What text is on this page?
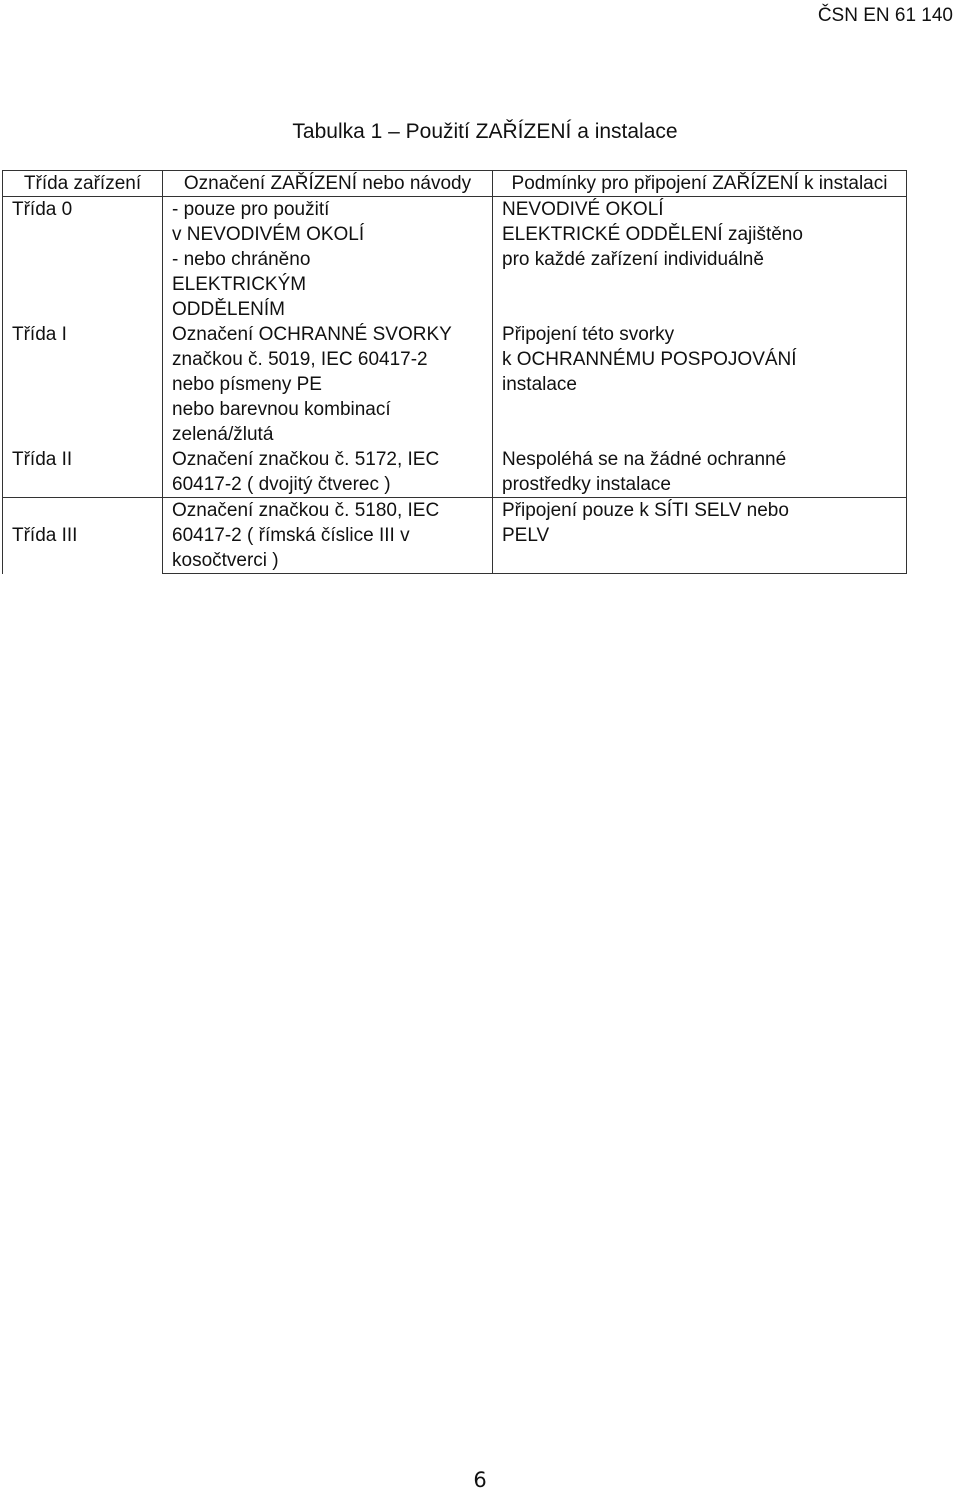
ČSN EN 61 140
Tabulka 1 – Použití ZAŘÍZENÍ a instalace
Třída zařízení	Označení ZAŘÍZENÍ nebo návody	Podmínky pro připojení ZAŘÍZENÍ k instalaci
Třída 0	- pouze pro použití	NEVODIVÉ OKOLÍ
	v NEVODIVÉM OKOLÍ	ELEKTRICKÉ ODDĚLENÍ zajištěno
	- nebo chráněno	pro každé zařízení individuálně
	ELEKTRICKÝM	
	ODDĚLENÍM	
Třída I	Označení OCHRANNÉ SVORKY	Připojení této svorky
	značkou č. 5019, IEC 60417-2	k OCHRANNÉMU POSPOJOVÁNÍ
	nebo písmeny PE	instalace
	nebo barevnou kombinací	
	zelená/žlutá	
Třída II	Označení značkou č. 5172, IEC	Nespoléhá se na žádné ochranné
	60417-2 ( dvojitý čtverec )	prostředky instalace
Třída III	Označení značkou č. 5180, IEC	Připojení pouze k SÍTI SELV nebo
	60417-2 ( římská číslice III v	PELV
	kosočtverci )	
6
